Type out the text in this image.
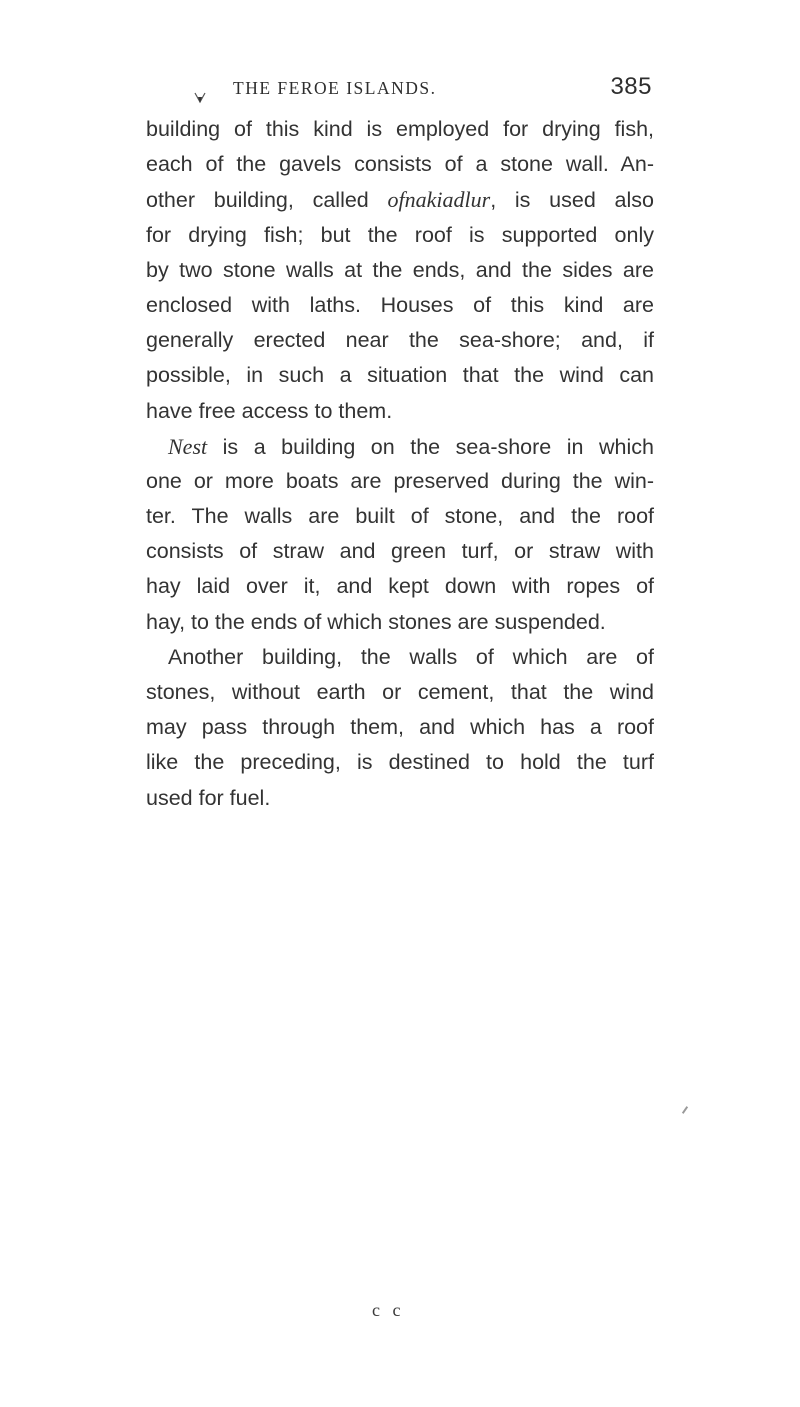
THE FEROE ISLANDS.	385
building of this kind is employed for drying fish,
each of the gavels consists of a stone wall. An-
other building, called ofnakiadlur, is used also
for drying fish; but the roof is supported only
by two stone walls at the ends, and the sides are
enclosed with laths. Houses of this kind are
generally erected near the sea-shore; and, if
possible, in such a situation that the wind can
have free access to them.
Nest is a building on the sea-shore in which
one or more boats are preserved during the win-
ter. The walls are built of stone, and the roof
consists of straw and green turf, or straw with
hay laid over it, and kept down with ropes of
hay, to the ends of which stones are suspended.
Another building, the walls of which are of
stones, without earth or cement, that the wind
may pass through them, and which has a roof
like the preceding, is destined to hold the turf
used for fuel.
c c
